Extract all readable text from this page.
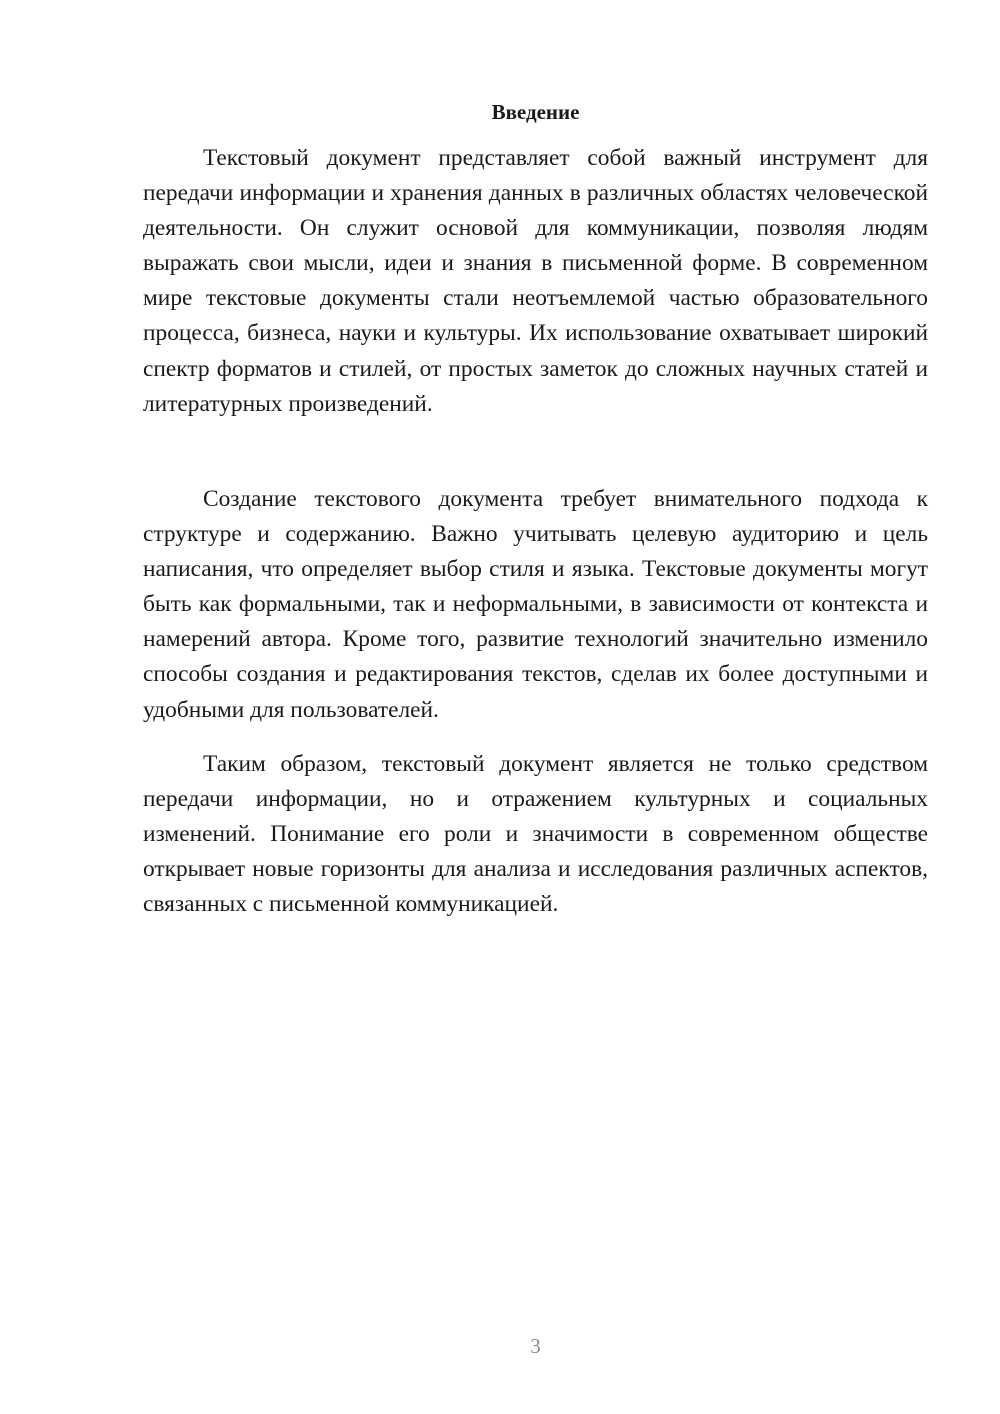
Введение

Текстовый документ представляет собой важный инструмент для передачи информации и хранения данных в различных областях человеческой деятельности. Он служит основой для коммуникации, позволяя людям выражать свои мысли, идеи и знания в письменной форме. В современном мире текстовые документы стали неотъемлемой частью образовательного процесса, бизнеса, науки и культуры. Их использование охватывает широкий спектр форматов и стилей, от простых заметок до сложных научных статей и литературных произведений.

Создание текстового документа требует внимательного подхода к структуре и содержанию. Важно учитывать целевую аудиторию и цель написания, что определяет выбор стиля и языка. Текстовые документы могут быть как формальными, так и неформальными, в зависимости от контекста и намерений автора. Кроме того, развитие технологий значительно изменило способы создания и редактирования текстов, сделав их более доступными и удобными для пользователей.

Таким образом, текстовый документ является не только средством передачи информации, но и отражением культурных и социальных изменений. Понимание его роли и значимости в современном обществе открывает новые горизонты для анализа и исследования различных аспектов, связанных с письменной коммуникацией.

3
